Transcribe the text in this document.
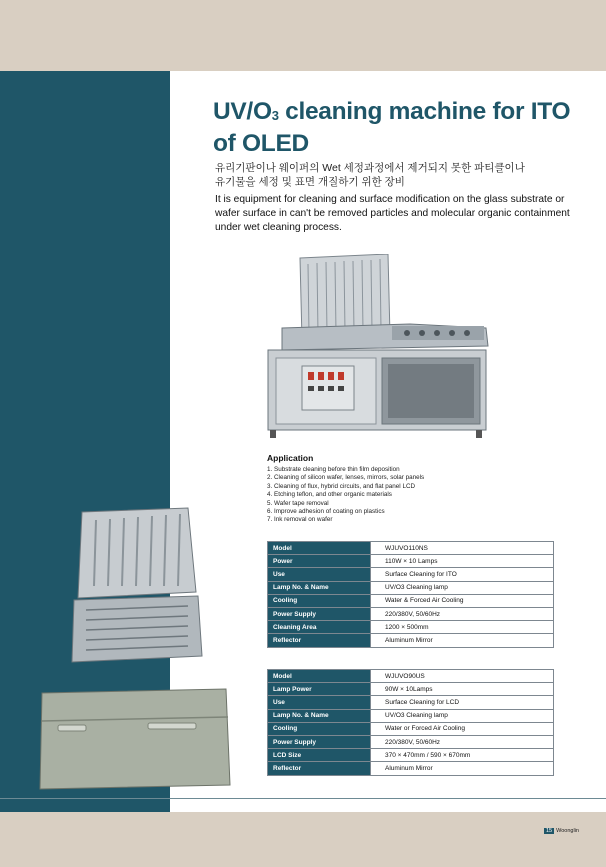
$UV/O_3$ cleaning machine for ITO
of OLED
유리기판이나 웨이퍼의 Wet 세정과정에서 제거되지 못한 파티클이나
유기물을 세정 및 표면 개질하기 위한 장비
It is equipment for cleaning and surface modification on the glass substrate or wafer surface in can't be removed particles and molecular organic containment under wet cleaning process.
Application
1. Substrate cleaning before thin film deposition
2. Cleaning of silicon wafer, lenses, mirrors, solar panels
3. Cleaning of flux, hybrid circuits, and flat panel LCD
4. Etching teflon, and other organic materials
5. Wafer tape removal
6. Improve adhesion of coating on plastics
7. Ink removal on wafer
Model	WJUVO110NS
Power	110W × 10 Lamps
Use	Surface Cleaning for ITO
Lamp No. & Name	UV/O3 Cleaning lamp
Cooling	Water & Forced Air Cooling
Power Supply	220/380V, 50/60Hz
Cleaning Area	1200 × 500mm
Reflector	Aluminum Mirror
Model	WJUVO90US
Lamp Power	90W × 10Lamps
Use	Surface Cleaning for LCD
Lamp No. & Name	UV/O3 Cleaning lamp
Cooling	Water or Forced Air Cooling
Power Supply	220/380V, 50/60Hz
LCD Size	370 × 470mm / 590 × 670mm
Reflector	Aluminum Mirror
15 Woonglin
